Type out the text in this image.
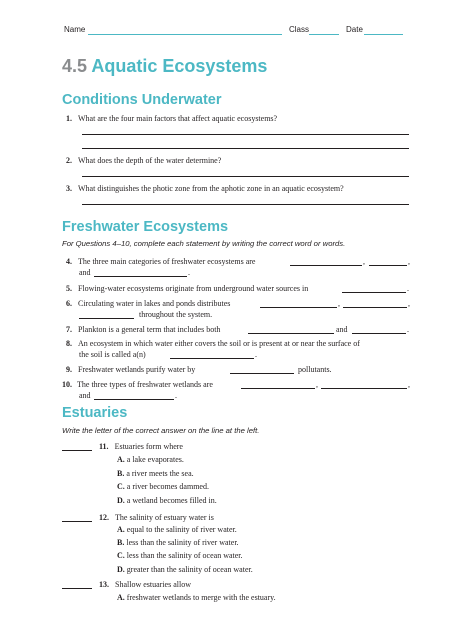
Name	Class	Date
4.5 Aquatic Ecosystems
Conditions Underwater
1. What are the four main factors that affect aquatic ecosystems?
2. What does the depth of the water determine?
3. What distinguishes the photic zone from the aphotic zone in an aquatic ecosystem?
Freshwater Ecosystems
For Questions 4–10, complete each statement by writing the correct word or words.
4. The three main categories of freshwater ecosystems are	,	,
and	.
5. Flowing-water ecosystems originate from underground water sources in	.
6. Circulating water in lakes and ponds distributes	,	,
throughout the system.
7. Plankton is a general term that includes both	and	.
8. An ecosystem in which water either covers the soil or is present at or near the surface of
the soil is called a(n)	.
9. Freshwater wetlands purify water by	pollutants.
10. The three types of freshwater wetlands are	,	,
and	.
Estuaries
Write the letter of the correct answer on the line at the left.
11. Estuaries form where
A. a lake evaporates.
B. a river meets the sea.
C. a river becomes dammed.
D. a wetland becomes filled in.
12. The salinity of estuary water is
A. equal to the salinity of river water.
B. less than the salinity of river water.
C. less than the salinity of ocean water.
D. greater than the salinity of ocean water.
13. Shallow estuaries allow
A. freshwater wetlands to merge with the estuary.
